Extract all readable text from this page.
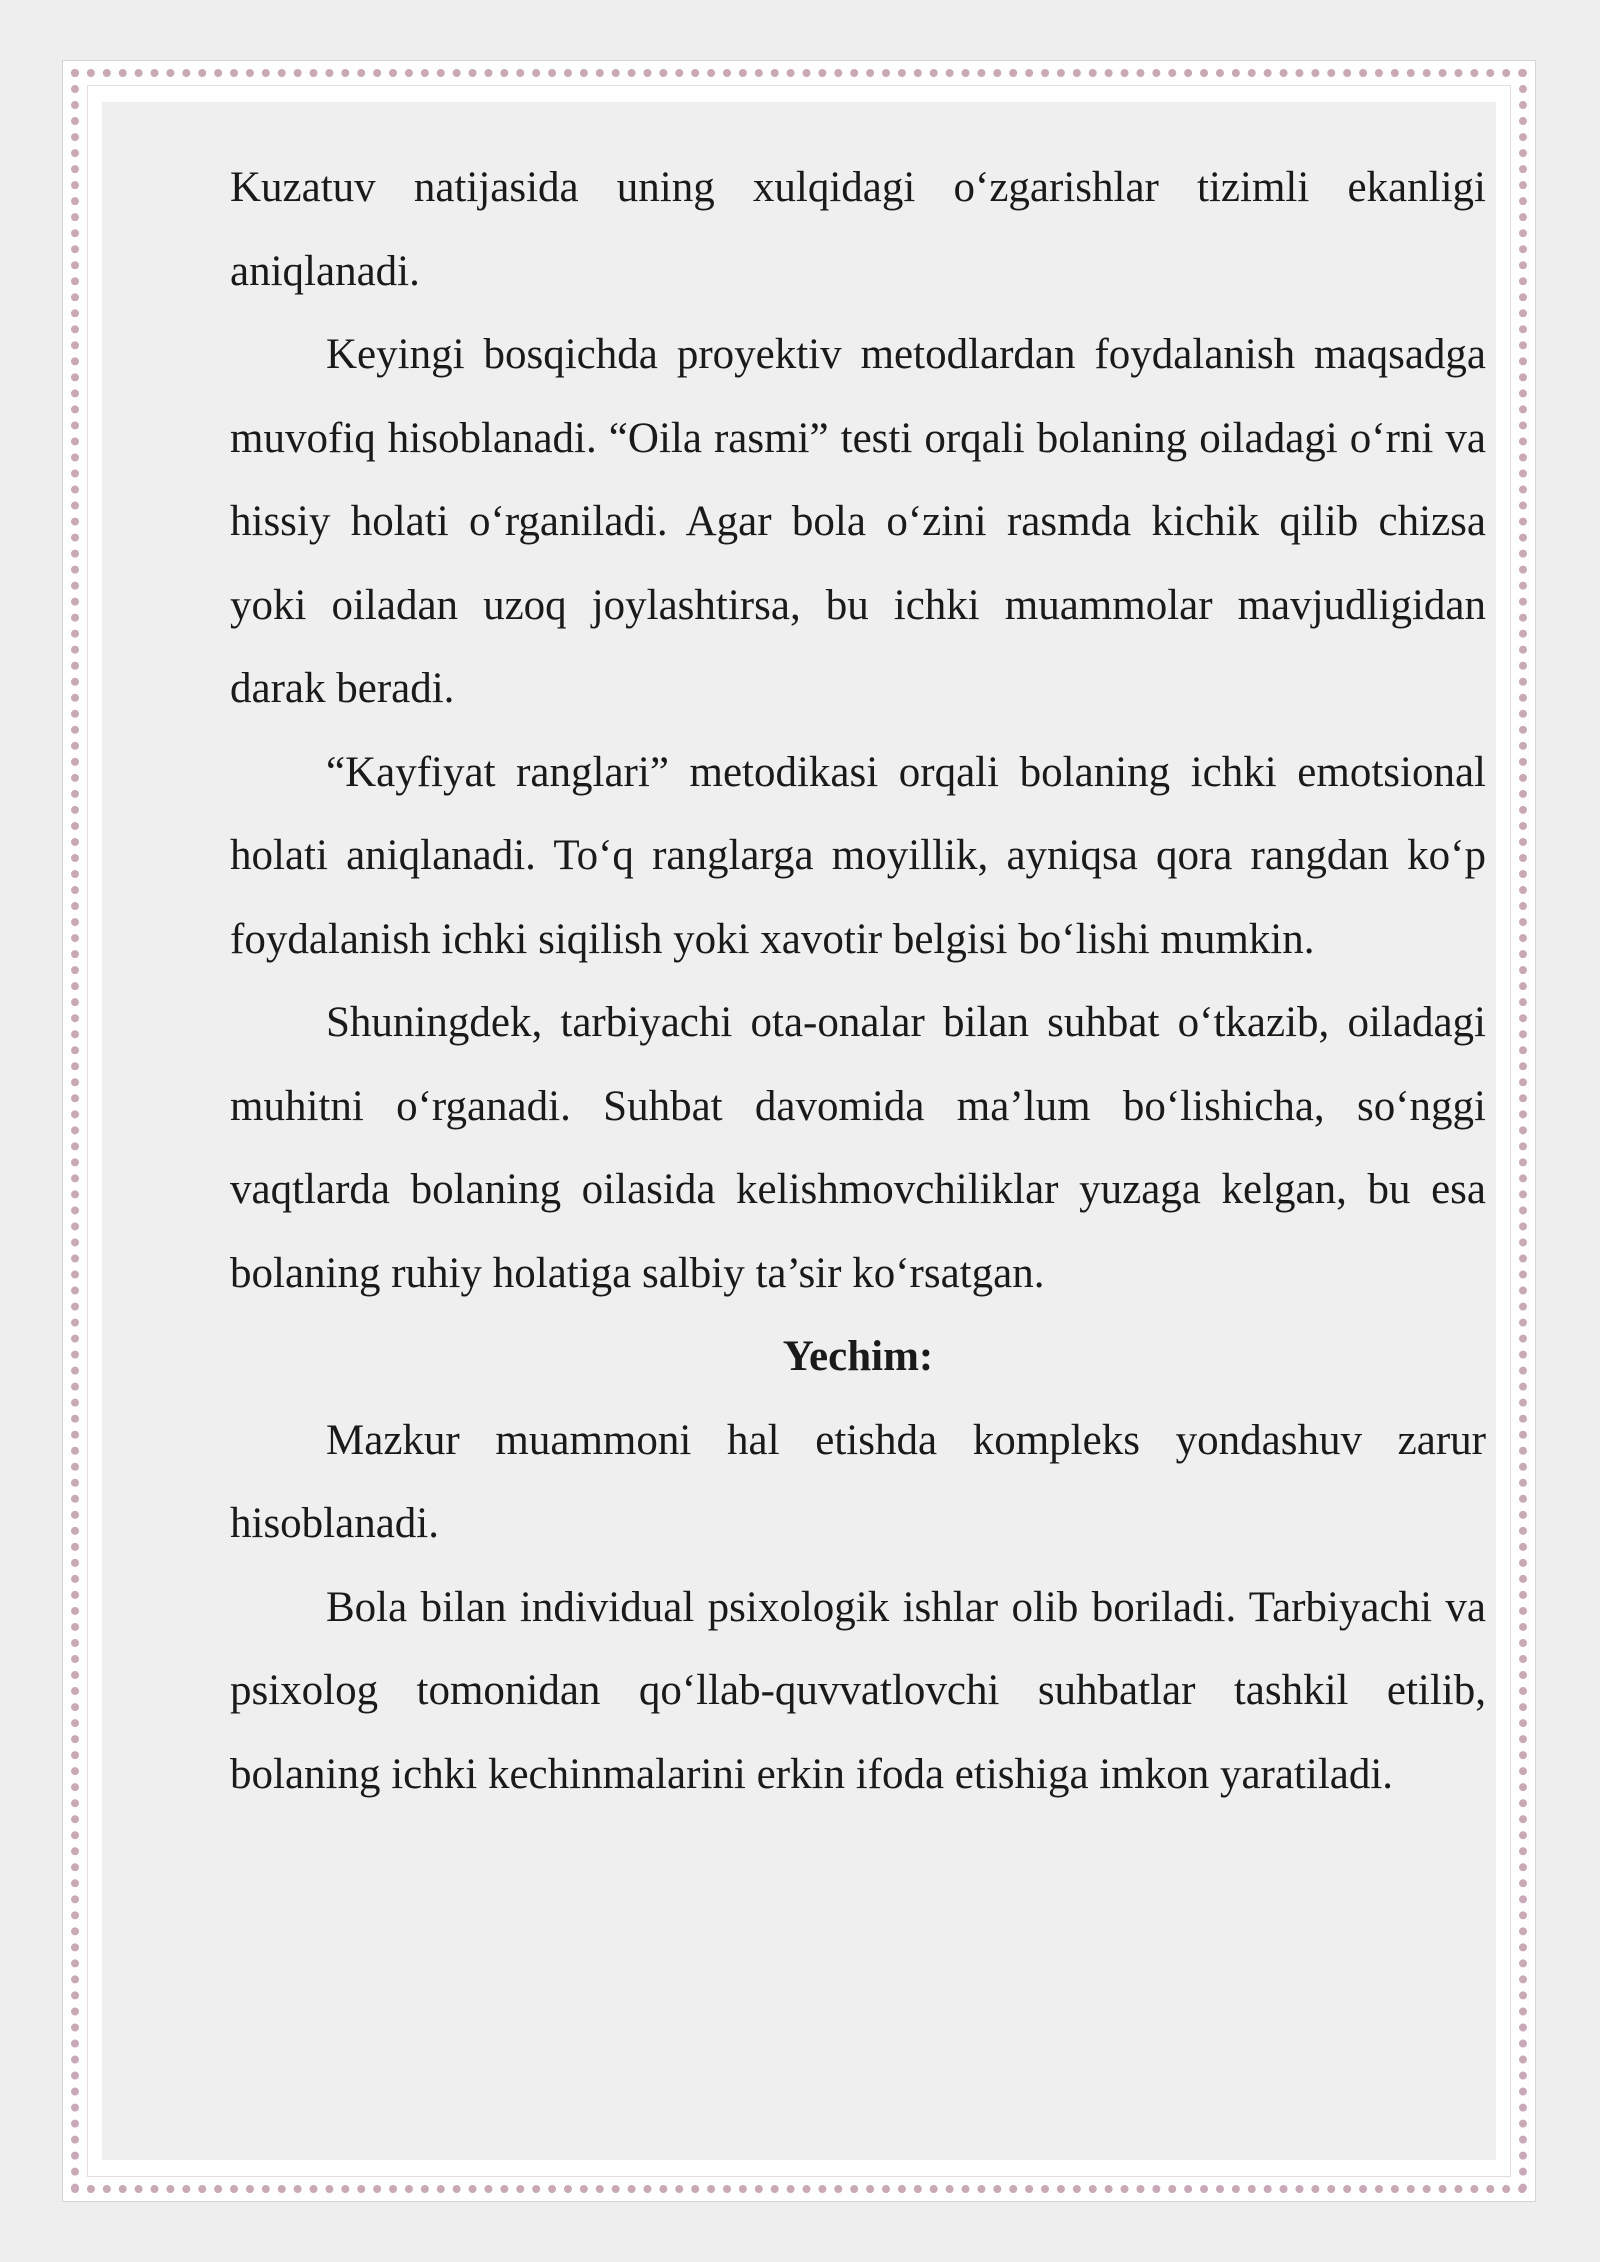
Kuzatuv natijasida uning xulqidagi o‘zgarishlar tizimli ekanligi aniqlanadi.

Keyingi bosqichda proyektiv metodlardan foydalanish maqsadga muvofiq hisoblanadi. “Oila rasmi” testi orqali bolaning oiladagi o‘rni va hissiy holati o‘rganiladi. Agar bola o‘zini rasmda kichik qilib chizsa yoki oiladan uzoq joylashtirsa, bu ichki muammolar mavjudligidan darak beradi.

“Kayfiyat ranglari” metodikasi orqali bolaning ichki emotsional holati aniqlanadi. To‘q ranglarga moyillik, ayniqsa qora rangdan ko‘p foydalanish ichki siqilish yoki xavotir belgisi bo‘lishi mumkin.

Shuningdek, tarbiyachi ota-onalar bilan suhbat o‘tkazib, oiladagi muhitni o‘rganadi. Suhbat davomida ma’lum bo‘lishicha, so‘nggi vaqtlarda bolaning oilasida kelishmovchiliklar yuzaga kelgan, bu esa bolaning ruhiy holatiga salbiy ta’sir ko‘rsatgan.

Yechim:

Mazkur muammoni hal etishda kompleks yondashuv zarur hisoblanadi.

Bola bilan individual psixologik ishlar olib boriladi. Tarbiyachi va psixolog tomonidan qo‘llab-quvvatlovchi suhbatlar tashkil etilib, bolaning ichki kechinmalarini erkin ifoda etishiga imkon yaratiladi.
